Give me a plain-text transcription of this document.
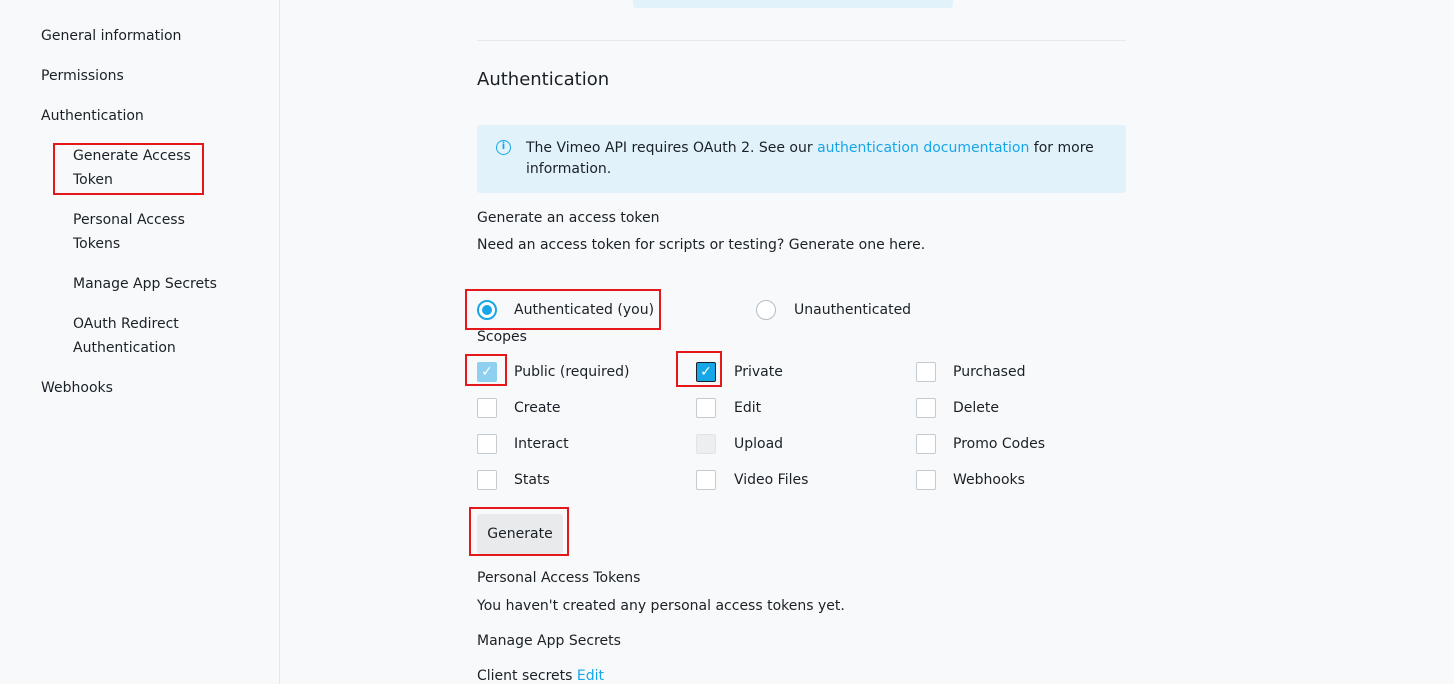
General information
Permissions
Authentication
Generate Access Token
Personal Access Tokens
Manage App Secrets
OAuth Redirect Authentication
Webhooks
Authentication
i	The Vimeo API requires OAuth 2. See our authentication documentation for more information.
Generate an access token
Need an access token for scripts or testing? Generate one here.
Authenticated (you)	Unauthenticated
Scopes
✓ Public (required)	✓ Private	Purchased
Create	Edit	Delete
Interact	Upload	Promo Codes
Stats	Video Files	Webhooks
Generate
Personal Access Tokens
You haven't created any personal access tokens yet.
Manage App Secrets
Client secrets Edit
